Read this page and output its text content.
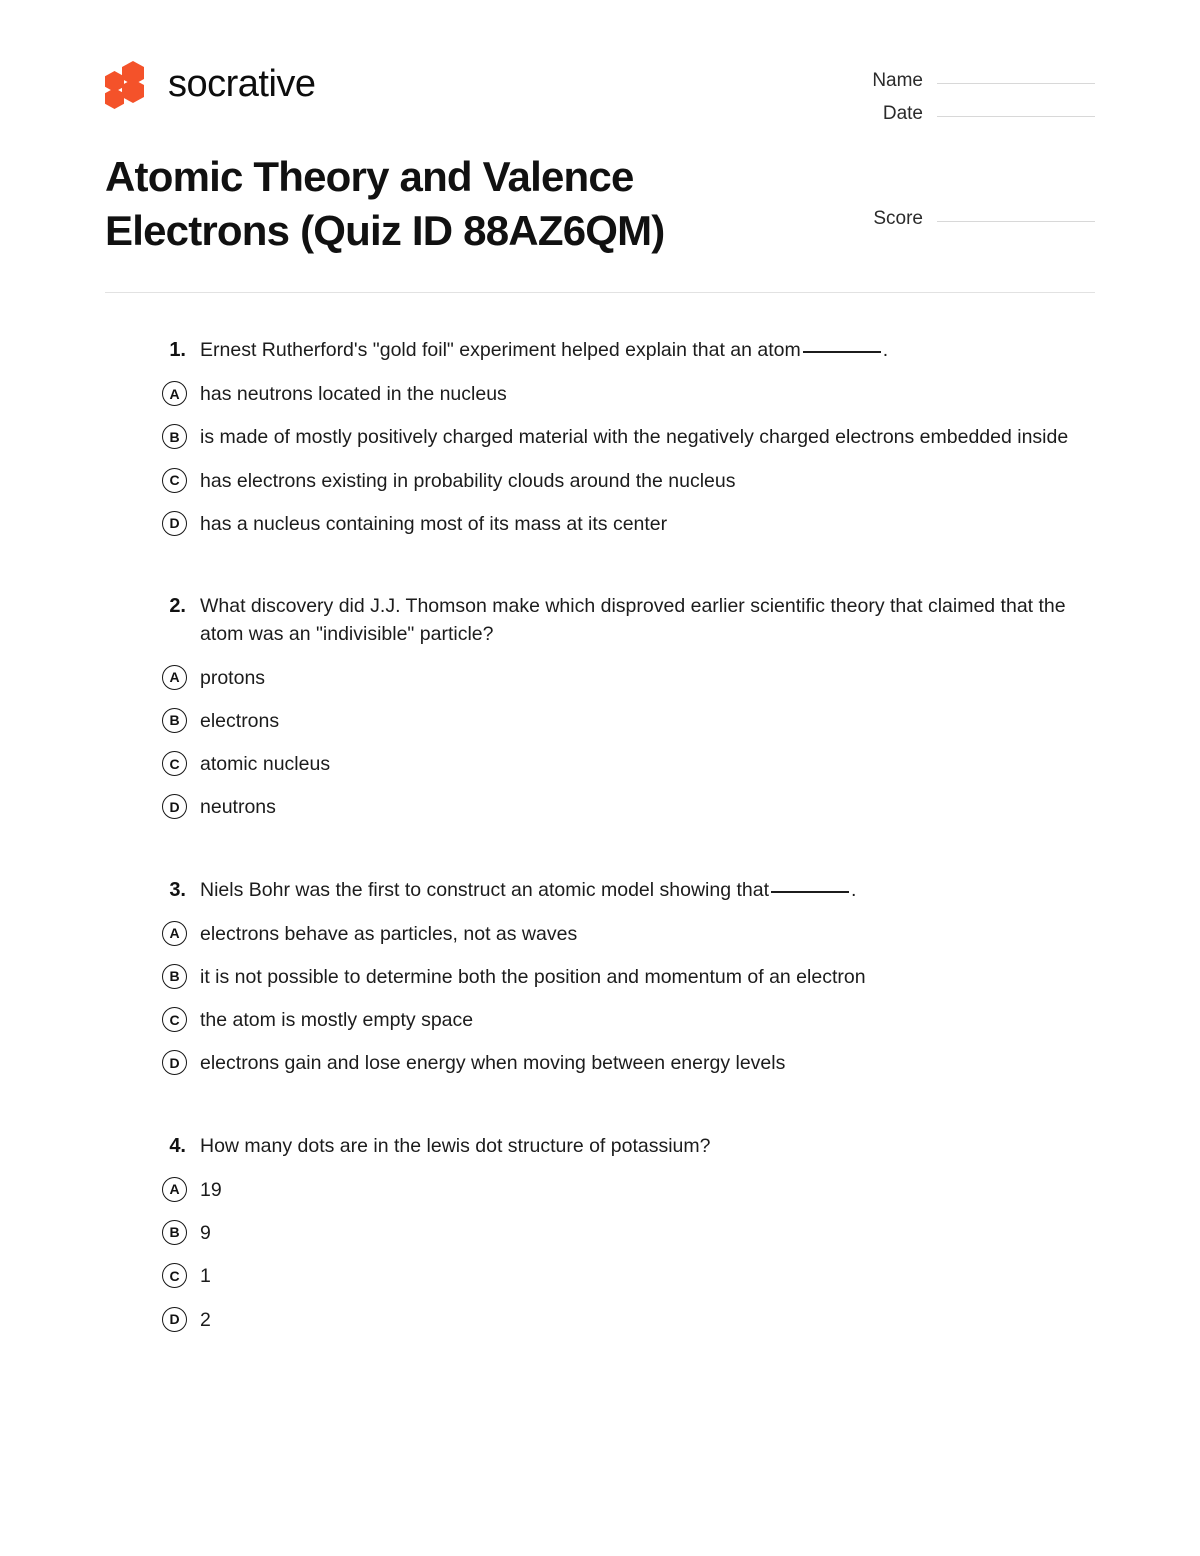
socrative
Atomic Theory and Valence Electrons (Quiz ID 88AZ6QM)
Name
Date
Score
1. Ernest Rutherford's "gold foil" experiment helped explain that an atom	.
A	has neutrons located in the nucleus
B	is made of mostly positively charged material with the negatively charged electrons embedded inside
C	has electrons existing in probability clouds around the nucleus
D	has a nucleus containing most of its mass at its center
2. What discovery did J.J. Thomson make which disproved earlier scientific theory that claimed that the atom was an "indivisible" particle?
A	protons
B	electrons
C	atomic nucleus
D	neutrons
3. Niels Bohr was the first to construct an atomic model showing that	.
A	electrons behave as particles, not as waves
B	it is not possible to determine both the position and momentum of an electron
C	the atom is mostly empty space
D	electrons gain and lose energy when moving between energy levels
4. How many dots are in the lewis dot structure of potassium?
A	19
B	9
C	1
D	2
